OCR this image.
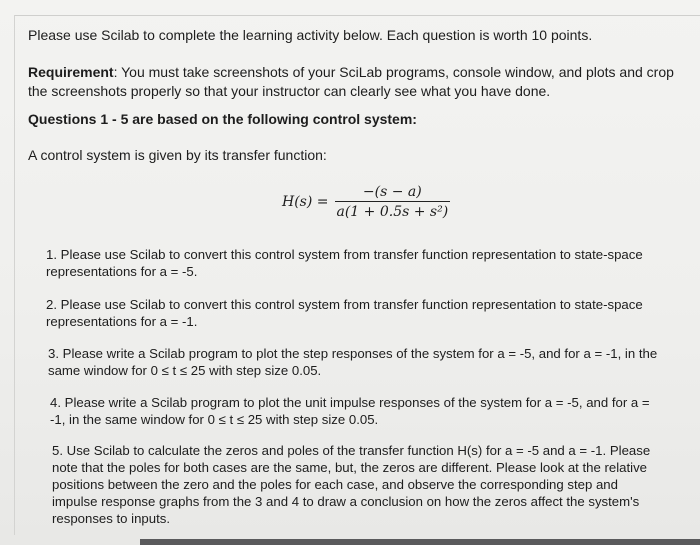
Please use Scilab to complete the learning activity below. Each question is worth 10 points.

Requirement: You must take screenshots of your SciLab programs, console window, and plots and crop the screenshots properly so that your instructor can clearly see what you have done.

Questions 1 - 5 are based on the following control system:

A control system is given by its transfer function:

$H(s) = \frac{-(s - a)}{\text{a(1 + 0.5s + s²)}}$
1. Please use Scilab to convert this control system from transfer function representation to state-space representations for a = -5.
2. Please use Scilab to convert this control system from transfer function representation to state-space representations for a = -1.
3. Please write a Scilab program to plot the step responses of the system for a = -5, and for a = -1, in the same window for 0 ≤ t ≤ 25 with step size 0.05.
4. Please write a Scilab program to plot the unit impulse responses of the system for a = -5, and for a = -1, in the same window for 0 ≤ t ≤ 25 with step size 0.05.
5. Use Scilab to calculate the zeros and poles of the transfer function H(s) for a = -5 and a = -1. Please note that the poles for both cases are the same, but, the zeros are different. Please look at the relative positions between the zero and the poles for each case, and observe the corresponding step and impulse response graphs from the 3 and 4 to draw a conclusion on how the zeros affect the system's responses to inputs.
